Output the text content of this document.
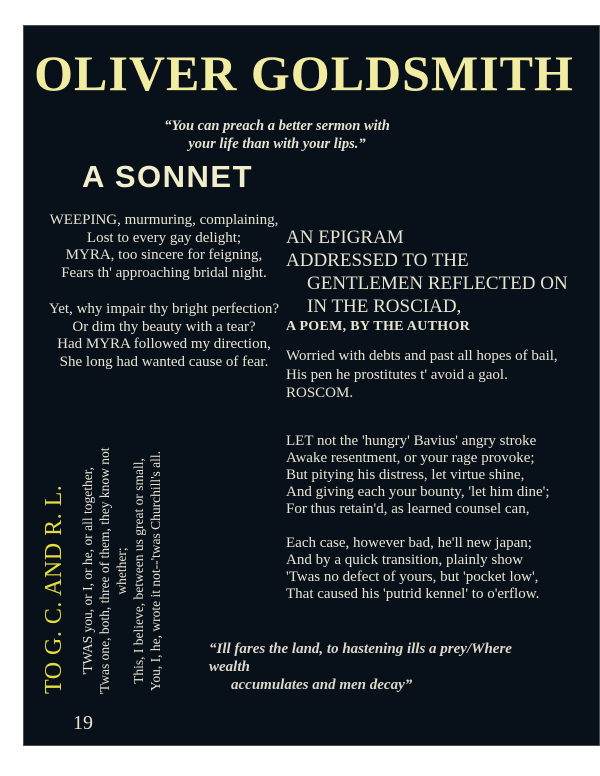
OLIVER GOLDSMITH
“You can preach a better sermon with
your life than with your lips.”
A SONNET
WEEPING, murmuring, complaining,
Lost to every gay delight;
MYRA, too sincere for feigning,
Fears th' approaching bridal night.
Yet, why impair thy bright perfection?
Or dim thy beauty with a tear?
Had MYRA followed my direction,
She long had wanted cause of fear.
AN EPIGRAM
ADDRESSED TO THE
GENTLEMEN REFLECTED ON
IN THE ROSCIAD,
A POEM, BY THE AUTHOR
Worried with debts and past all hopes of bail,
His pen he prostitutes t' avoid a gaol.
ROSCOM.
LET not the 'hungry' Bavius' angry stroke
Awake resentment, or your rage provoke;
But pitying his distress, let virtue shine,
And giving each your bounty, 'let him dine';
For thus retain'd, as learned counsel can,
Each case, however bad, he'll new japan;
And by a quick transition, plainly show
'Twas no defect of yours, but 'pocket low',
That caused his 'putrid kennel' to o'erflow.
TO G. C. AND R. L. 'TWAS you, or I, or he, or all together, 'Twas one, both, three of them, they know not whether; This, I believe, between us great or small, You, I, he, wrote it not--'twas Churchill's all.	“Ill fares the land, to hastening ills a prey/Where wealth
accumulates and men decay”
19
